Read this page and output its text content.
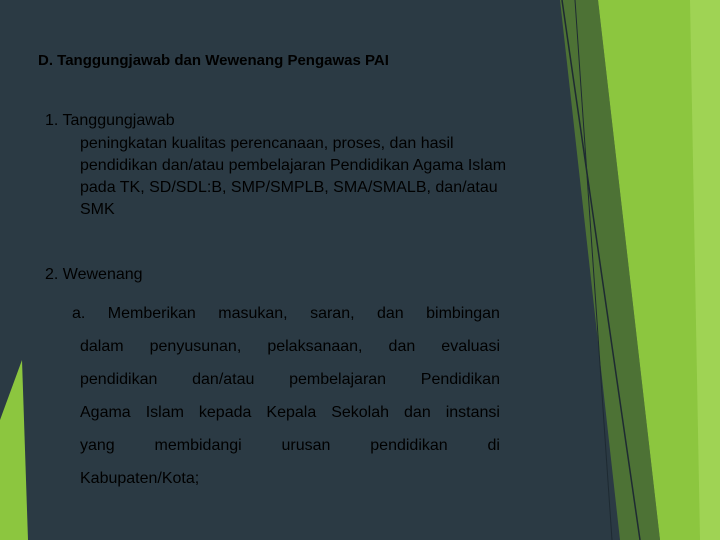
D. Tanggungjawab dan Wewenang Pengawas PAI
1. Tanggungjawab
peningkatan kualitas perencanaan, proses, dan hasil
pendidikan dan/atau pembelajaran Pendidikan Agama Islam
pada TK, SD/SDL:B, SMP/SMPLB, SMA/SMALB, dan/atau
SMK
2. Wewenang
a. Memberikan masukan, saran, dan bimbingan
dalam penyusunan, pelaksanaan, dan evaluasi
pendidikan dan/atau pembelajaran Pendidikan
Agama Islam kepada Kepala Sekolah dan instansi
yang membidangi urusan pendidikan di
Kabupaten/Kota;
